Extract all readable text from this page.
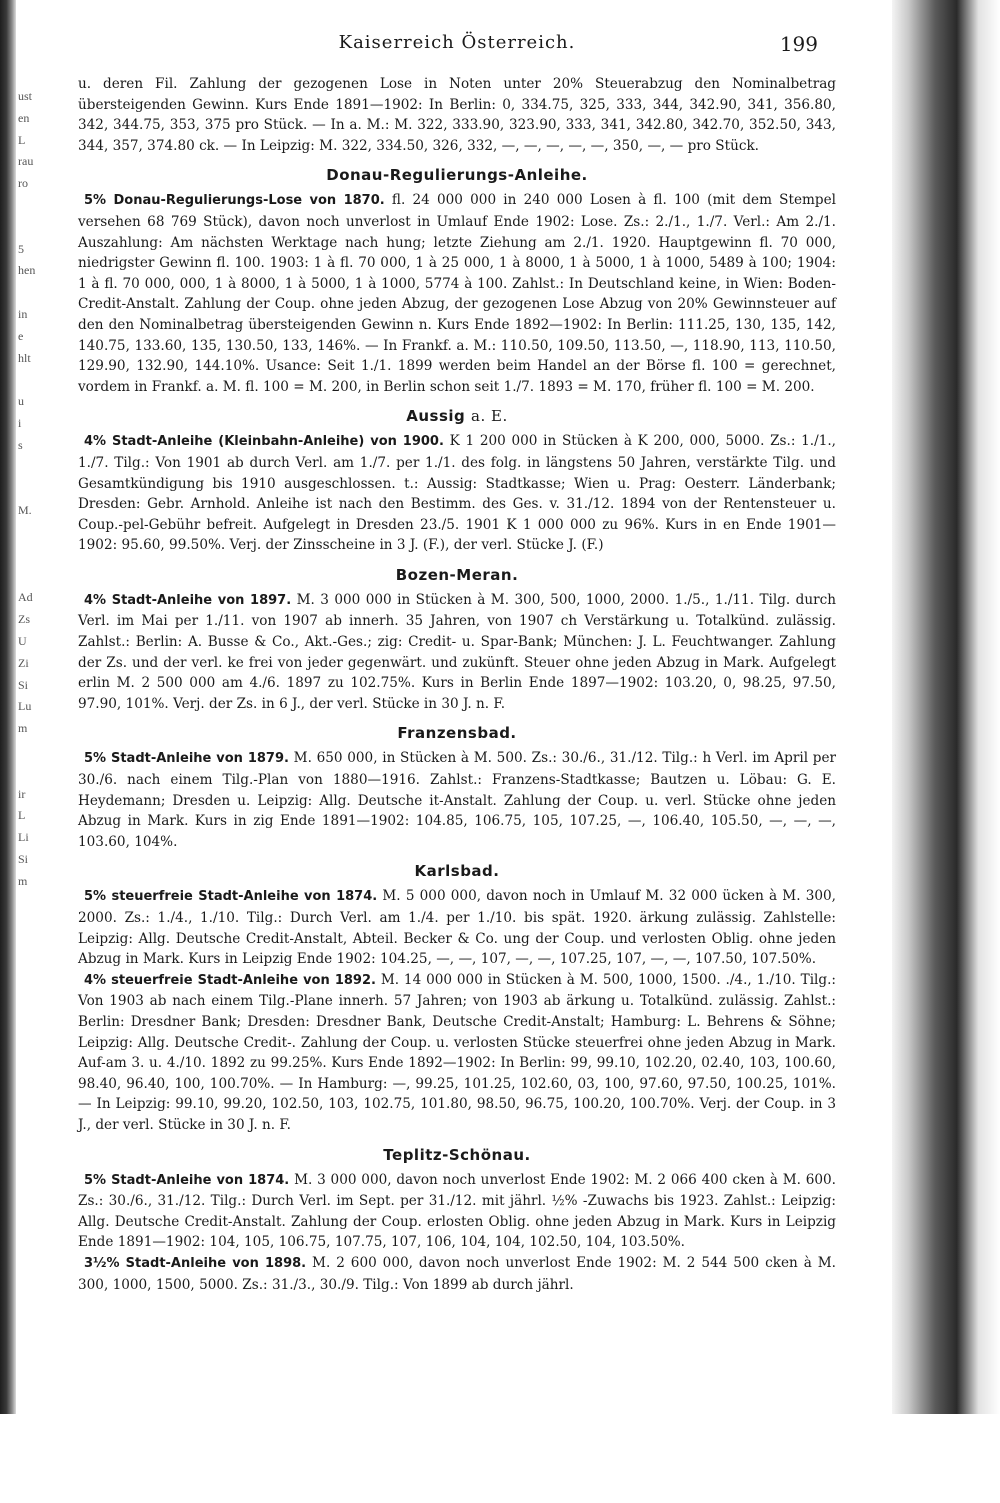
ust
en
L
rau
ro

5
hen

in
e
hlt

u
i
s

M.

Ad
Zs
U
Zi
Si
Lu
m

ir
L
Li
Si
m

Kaiserreich Österreich.	199

u. deren Fil. Zahlung der gezogenen Lose in Noten unter 20% Steuerabzug den Nominalbetrag übersteigenden Gewinn. Kurs Ende 1891—1902: In Berlin: 0, 334.75, 325, 333, 344, 342.90, 341, 356.80, 342, 344.75, 353, 375 pro Stück. — In a. M.: M. 322, 333.90, 323.90, 333, 341, 342.80, 342.70, 352.50, 343, 344, 357, 374.80 ck. — In Leipzig: M. 322, 334.50, 326, 332, —, —, —, —, —, 350, —, — pro Stück.

Donau-Regulierungs-Anleihe.

5% Donau-Regulierungs-Lose von 1870. fl. 24 000 000 in 240 000 Losen à fl. 100 (mit dem Stempel versehen 68 769 Stück), davon noch unverlost in Umlauf Ende 1902: Lose. Zs.: 2./1., 1./7. Verl.: Am 2./1. Auszahlung: Am nächsten Werktage nach hung; letzte Ziehung am 2./1. 1920. Hauptgewinn fl. 70 000, niedrigster Gewinn fl. 100. 1903: 1 à fl. 70 000, 1 à 25 000, 1 à 8000, 1 à 5000, 1 à 1000, 5489 à 100; 1904: 1 à fl. 70 000, 000, 1 à 8000, 1 à 5000, 1 à 1000, 5774 à 100. Zahlst.: In Deutschland keine, in Wien: Boden-Credit-Anstalt. Zahlung der Coup. ohne jeden Abzug, der gezogenen Lose Abzug von 20% Gewinnsteuer auf den den Nominalbetrag übersteigenden Gewinn n. Kurs Ende 1892—1902: In Berlin: 111.25, 130, 135, 142, 140.75, 133.60, 135, 130.50, 133, 146%. — In Frankf. a. M.: 110.50, 109.50, 113.50, —, 118.90, 113, 110.50, 129.90, 132.90, 144.10%. Usance: Seit 1./1. 1899 werden beim Handel an der Börse fl. 100 = gerechnet, vordem in Frankf. a. M. fl. 100 = M. 200, in Berlin schon seit 1./7. 1893 = M. 170, früher fl. 100 = M. 200.

Aussig a. E.

4% Stadt-Anleihe (Kleinbahn-Anleihe) von 1900. K 1 200 000 in Stücken à K 200, 000, 5000. Zs.: 1./1., 1./7. Tilg.: Von 1901 ab durch Verl. am 1./7. per 1./1. des folg. in längstens 50 Jahren, verstärkte Tilg. und Gesamtkündigung bis 1910 ausgeschlossen. t.: Aussig: Stadtkasse; Wien u. Prag: Oesterr. Länderbank; Dresden: Gebr. Arnhold. Anleihe ist nach den Bestimm. des Ges. v. 31./12. 1894 von der Rentensteuer u. Coup.-pel-Gebühr befreit. Aufgelegt in Dresden 23./5. 1901 K 1 000 000 zu 96%. Kurs in en Ende 1901—1902: 95.60, 99.50%. Verj. der Zinsscheine in 3 J. (F.), der verl. Stücke J. (F.)

Bozen-Meran.

4% Stadt-Anleihe von 1897. M. 3 000 000 in Stücken à M. 300, 500, 1000, 2000. 1./5., 1./11. Tilg. durch Verl. im Mai per 1./11. von 1907 ab innerh. 35 Jahren, von 1907 ch Verstärkung u. Totalkünd. zulässig. Zahlst.: Berlin: A. Busse & Co., Akt.-Ges.; zig: Credit- u. Spar-Bank; München: J. L. Feuchtwanger. Zahlung der Zs. und der verl. ke frei von jeder gegenwärt. und zukünft. Steuer ohne jeden Abzug in Mark. Aufgelegt erlin M. 2 500 000 am 4./6. 1897 zu 102.75%. Kurs in Berlin Ende 1897—1902: 103.20, 0, 98.25, 97.50, 97.90, 101%. Verj. der Zs. in 6 J., der verl. Stücke in 30 J. n. F.

Franzensbad.

5% Stadt-Anleihe von 1879. M. 650 000, in Stücken à M. 500. Zs.: 30./6., 31./12. Tilg.: h Verl. im April per 30./6. nach einem Tilg.-Plan von 1880—1916. Zahlst.: Franzens-Stadtkasse; Bautzen u. Löbau: G. E. Heydemann; Dresden u. Leipzig: Allg. Deutsche it-Anstalt. Zahlung der Coup. u. verl. Stücke ohne jeden Abzug in Mark. Kurs in zig Ende 1891—1902: 104.85, 106.75, 105, 107.25, —, 106.40, 105.50, —, —, —, 103.60, 104%.

Karlsbad.

5% steuerfreie Stadt-Anleihe von 1874. M. 5 000 000, davon noch in Umlauf M. 32 000 ücken à M. 300, 2000. Zs.: 1./4., 1./10. Tilg.: Durch Verl. am 1./4. per 1./10. bis spät. 1920. ärkung zulässig. Zahlstelle: Leipzig: Allg. Deutsche Credit-Anstalt, Abteil. Becker & Co. ung der Coup. und verlosten Oblig. ohne jeden Abzug in Mark. Kurs in Leipzig Ende 1902: 104.25, —, —, 107, —, —, 107.25, 107, —, —, 107.50, 107.50%.

4% steuerfreie Stadt-Anleihe von 1892. M. 14 000 000 in Stücken à M. 500, 1000, 1500. ./4., 1./10. Tilg.: Von 1903 ab nach einem Tilg.-Plane innerh. 57 Jahren; von 1903 ab ärkung u. Totalkünd. zulässig. Zahlst.: Berlin: Dresdner Bank; Dresden: Dresdner Bank, Deutsche Credit-Anstalt; Hamburg: L. Behrens & Söhne; Leipzig: Allg. Deutsche Credit-. Zahlung der Coup. u. verlosten Stücke steuerfrei ohne jeden Abzug in Mark. Auf-am 3. u. 4./10. 1892 zu 99.25%. Kurs Ende 1892—1902: In Berlin: 99, 99.10, 102.20, 02.40, 103, 100.60, 98.40, 96.40, 100, 100.70%. — In Hamburg: —, 99.25, 101.25, 102.60, 03, 100, 97.60, 97.50, 100.25, 101%. — In Leipzig: 99.10, 99.20, 102.50, 103, 102.75, 101.80, 98.50, 96.75, 100.20, 100.70%. Verj. der Coup. in 3 J., der verl. Stücke in 30 J. n. F.

Teplitz-Schönau.

5% Stadt-Anleihe von 1874. M. 3 000 000, davon noch unverlost Ende 1902: M. 2 066 400 cken à M. 600. Zs.: 30./6., 31./12. Tilg.: Durch Verl. im Sept. per 31./12. mit jährl. ½% -Zuwachs bis 1923. Zahlst.: Leipzig: Allg. Deutsche Credit-Anstalt. Zahlung der Coup. erlosten Oblig. ohne jeden Abzug in Mark. Kurs in Leipzig Ende 1891—1902: 104, 105, 106.75, 107.75, 107, 106, 104, 104, 102.50, 104, 103.50%.

3½% Stadt-Anleihe von 1898. M. 2 600 000, davon noch unverlost Ende 1902: M. 2 544 500 cken à M. 300, 1000, 1500, 5000. Zs.: 31./3., 30./9. Tilg.: Von 1899 ab durch jährl.
